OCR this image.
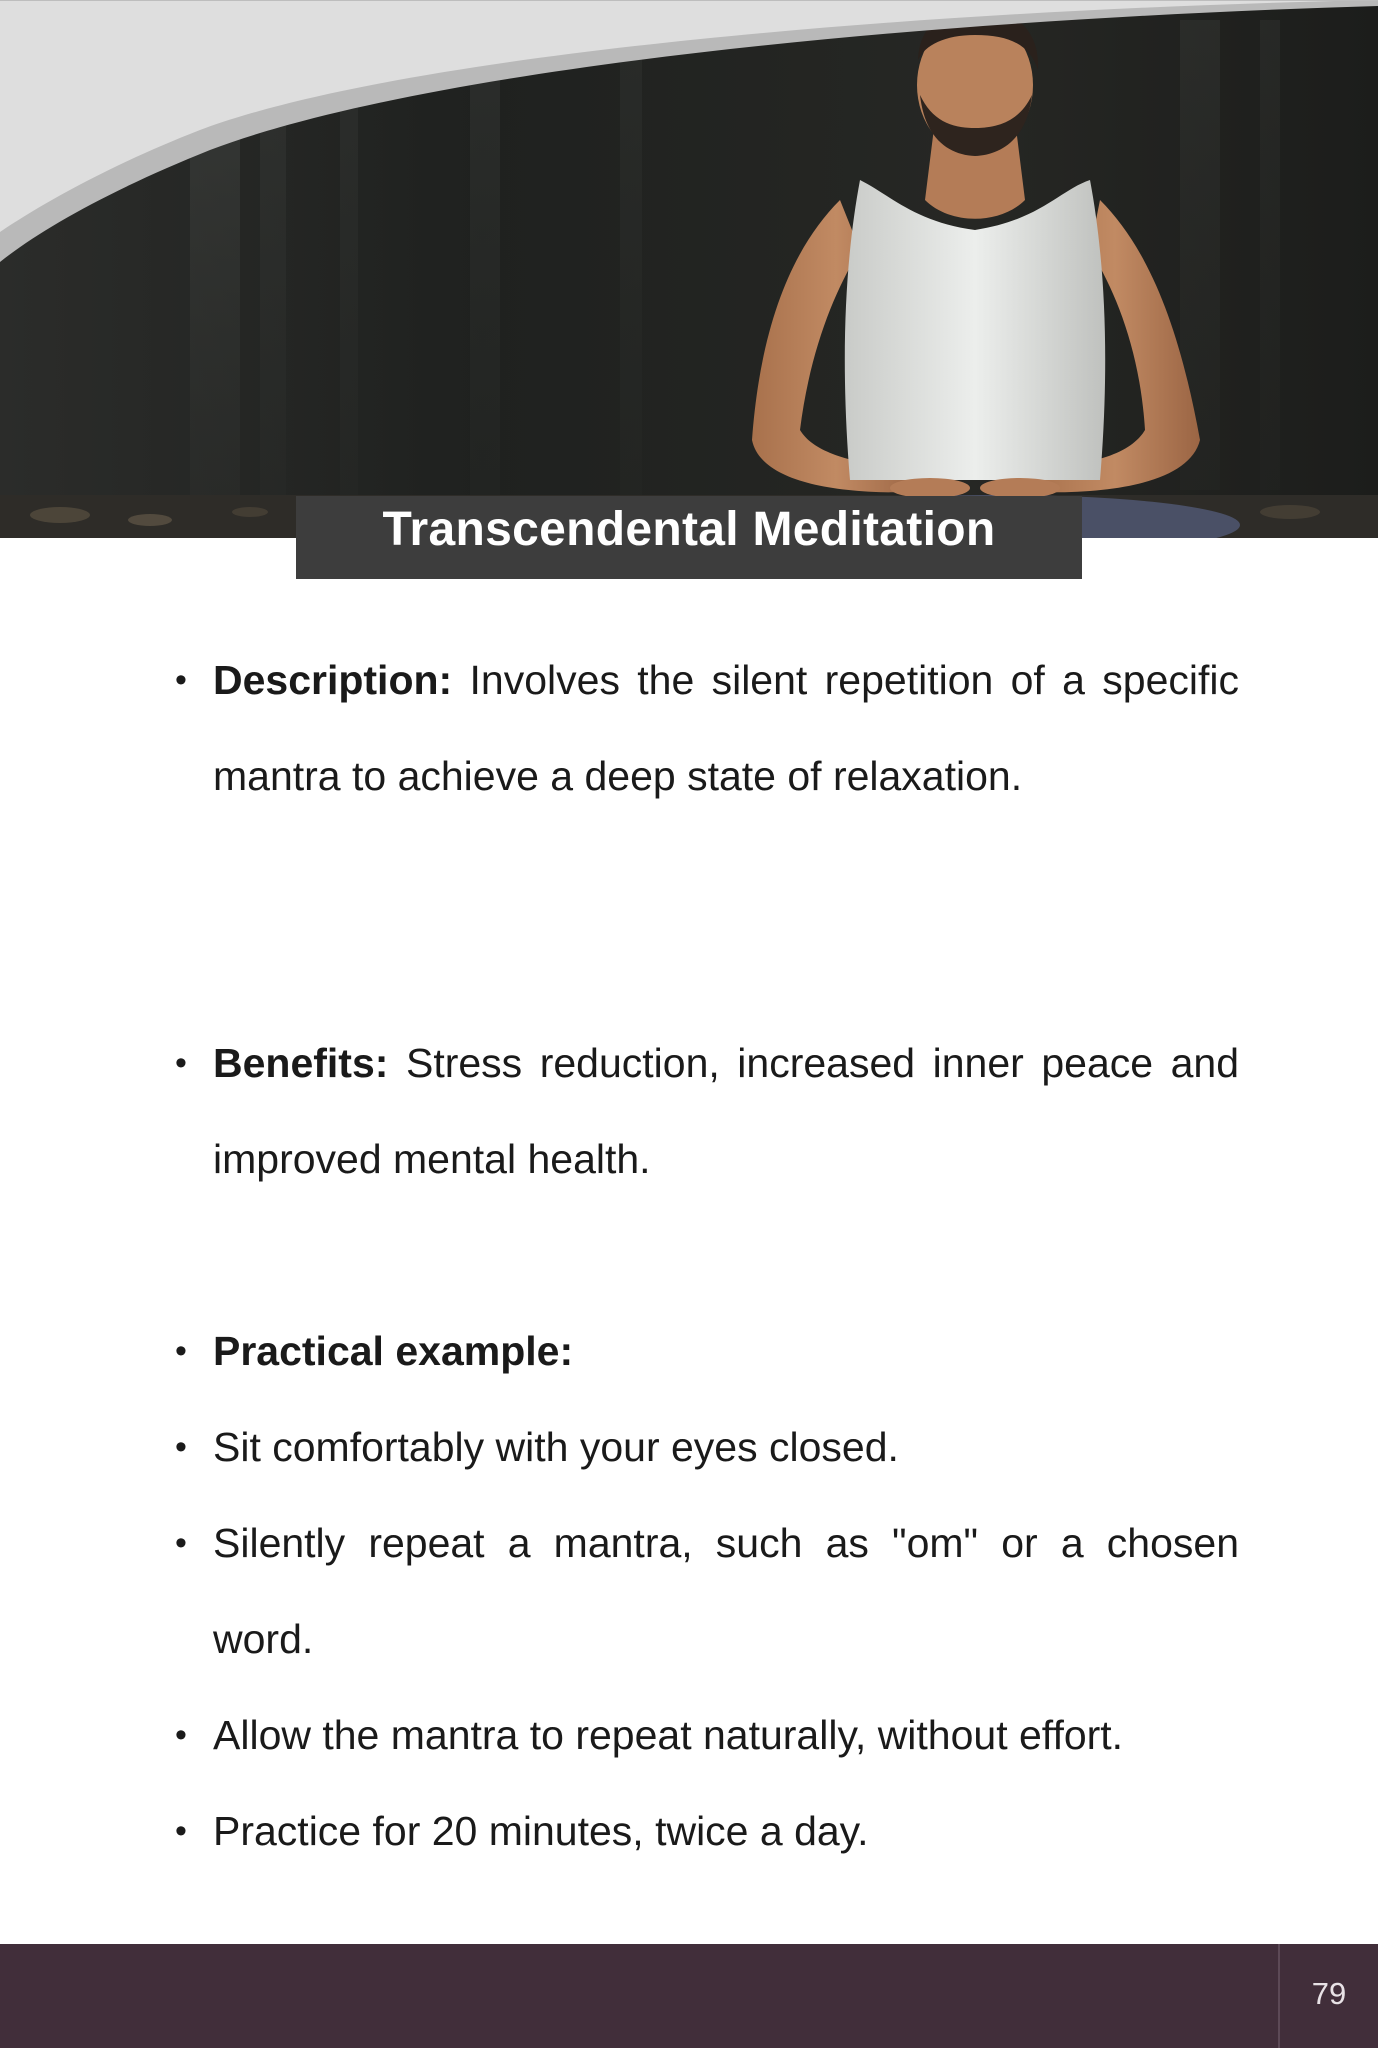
Transcendental Meditation
• Description: Involves the silent repetition of a specific mantra to achieve a deep state of relaxation.
• Benefits: Stress reduction, increased inner peace and improved mental health.
• Practical example:
• Sit comfortably with your eyes closed.
• Silently repeat a mantra, such as "om" or a chosen word.
• Allow the mantra to repeat naturally, without effort.
• Practice for 20 minutes, twice a day.
79
